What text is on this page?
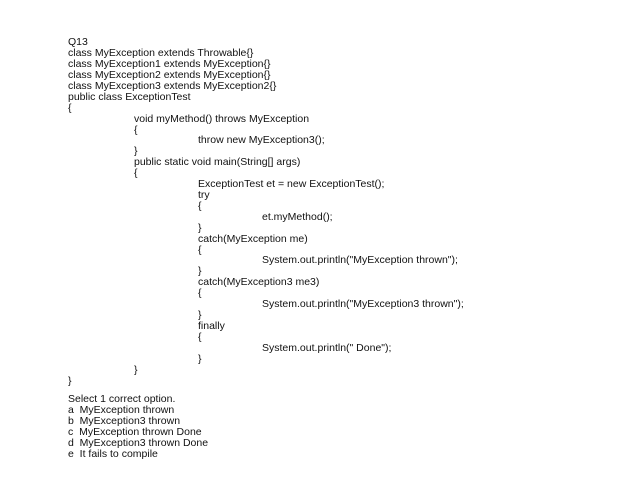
Q13
class MyException extends Throwable{}
class MyException1 extends MyException{}
class MyException2 extends MyException{}
class MyException3 extends MyException2{}
public class ExceptionTest
{
void myMethod() throws MyException
{
throw new MyException3();
}
public static void main(String[] args)
{
ExceptionTest et = new ExceptionTest();
try
{
et.myMethod();
}
catch(MyException me)
{
System.out.println("MyException thrown");
}
catch(MyException3 me3)
{
System.out.println("MyException3 thrown");
}
finally
{
System.out.println(" Done");
}
}
}
Select 1 correct option.
a  MyException thrown
b  MyException3 thrown
c  MyException thrown Done
d  MyException3 thrown Done
e  It fails to compile
